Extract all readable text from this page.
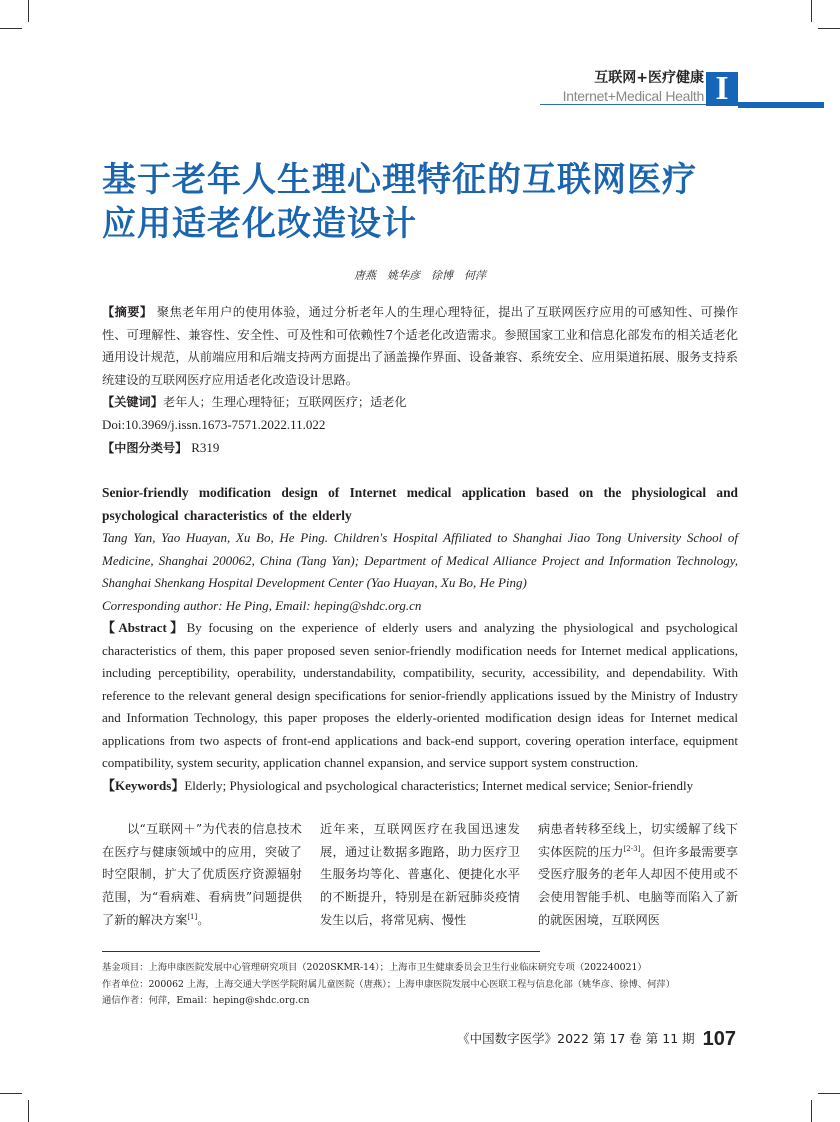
互联网+医疗健康
Internet+Medical Health I
基于老年人生理心理特征的互联网医疗
应用适老化改造设计
唐燕　姚华彦　徐博　何萍
【摘要】 聚焦老年用户的使用体验，通过分析老年人的生理心理特征，提出了互联网医疗应用的可感知性、可操作性、可理解性、兼容性、安全性、可及性和可依赖性7个适老化改造需求。参照国家工业和信息化部发布的相关适老化通用设计规范，从前端应用和后端支持两方面提出了涵盖操作界面、设备兼容、系统安全、应用渠道拓展、服务支持系统建设的互联网医疗应用适老化改造设计思路。
【关键词】老年人；生理心理特征；互联网医疗；适老化
Doi:10.3969/j.issn.1673-7571.2022.11.022
【中图分类号】 R319
Senior-friendly modification design of Internet medical application based on the physiological and psychological characteristics of the elderly
Tang Yan, Yao Huayan, Xu Bo, He Ping. Children's Hospital Affiliated to Shanghai Jiao Tong University School of Medicine, Shanghai 200062, China (Tang Yan); Department of Medical Alliance Project and Information Technology, Shanghai Shenkang Hospital Development Center (Yao Huayan, Xu Bo, He Ping)
Corresponding author: He Ping, Email: heping@shdc.org.cn
【Abstract】By focusing on the experience of elderly users and analyzing the physiological and psychological characteristics of them, this paper proposed seven senior-friendly modification needs for Internet medical applications, including perceptibility, operability, understandability, compatibility, security, accessibility, and dependability. With reference to the relevant general design specifications for senior-friendly applications issued by the Ministry of Industry and Information Technology, this paper proposes the elderly-oriented modification design ideas for Internet medical applications from two aspects of front-end applications and back-end support, covering operation interface, equipment compatibility, system security, application channel expansion, and service support system construction.
【Keywords】Elderly; Physiological and psychological characteristics; Internet medical service; Senior-friendly
　　以“互联网＋”为代表的信息技术在医疗与健康领域中的应用，突破了时空限制，扩大了优质医疗资源辐射范围，为“看病难、看病贵”问题提供了新的解决方案[1]。
近年来，互联网医疗在我国迅速发展，通过让数据多跑路，助力医疗卫生服务均等化、普惠化、便捷化水平的不断提升，特别是在新冠肺炎疫情发生以后，将常见病、慢性
病患者转移至线上，切实缓解了线下实体医院的压力[2-3]。但许多最需要享受医疗服务的老年人却因不使用或不会使用智能手机、电脑等而陷入了新的就医困境，互联网医
基金项目：上海申康医院发展中心管理研究项目（2020SKMR-14）；上海市卫生健康委员会卫生行业临床研究专项（202240021）
作者单位：200062 上海，上海交通大学医学院附属儿童医院（唐燕）；上海申康医院发展中心医联工程与信息化部（姚华彦、徐博、何萍）
通信作者：何萍，Email：heping@shdc.org.cn
《中国数字医学》2022 第 17 卷 第 11 期 107
